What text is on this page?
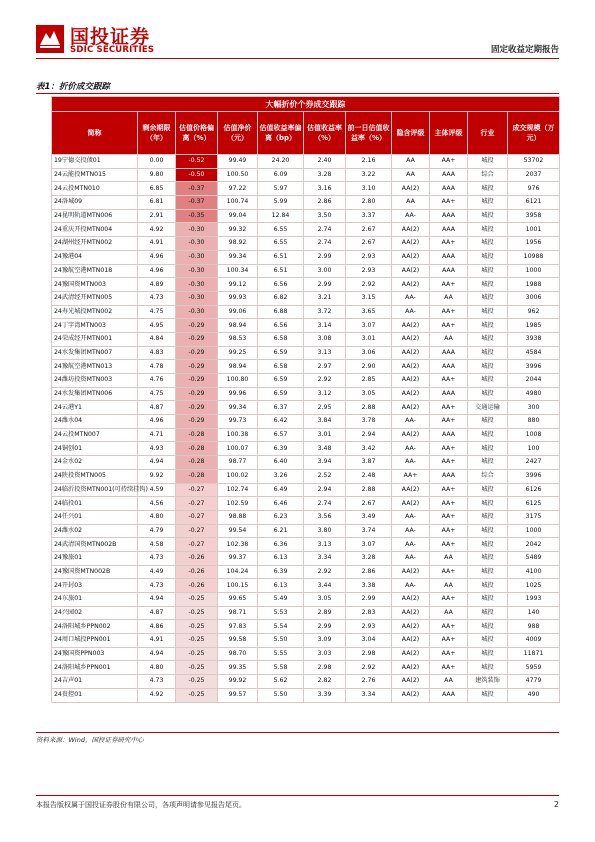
国投证券
SDIC SECURITIES	固定收益定期报告
表1：折价成交跟踪
大幅折价个券成交跟踪										
简称	剩余期限（年）	估值价格偏离（%）	估值净价（元）	估值收益率偏离（bp）	估值收益率（%）	前一日估值收益率（%）	隐含评级	主体评级	行业	成交规模（万元）
19宁德交投债01	0.00	-0.52	99.49	24.20	2.40	2.16	AA	AA+	城投	53702
24云能投MTN015	9.80	-0.50	100.50	6.09	3.28	3.22	AA	AAA	综合	2037
24云投MTN010	6.85	-0.37	97.22	5.97	3.16	3.10	AA(2)	AAA	城投	976
24洛城09	6.81	-0.37	100.74	5.99	2.86	2.80	AA	AA+	城投	6121
24昆明轨道MTN006	2.91	-0.35	99.04	12.84	3.50	3.37	AA-	AAA	城投	3958
24重庆开投MTN004	4.92	-0.30	99.32	6.55	2.74	2.67	AA(2)	AAA	城投	1001
24湖州经开MTN002	4.91	-0.30	98.92	6.55	2.74	2.67	AA(2)	AA+	城投	1956
24豫港04	4.96	-0.30	99.34	6.51	2.99	2.93	AA(2)	AAA	城投	10988
24豫航空港MTN018	4.96	-0.30	100.34	6.51	3.00	2.93	AA(2)	AAA	城投	1000
24豫国资MTN003	4.89	-0.30	99.12	6.56	2.99	2.92	AA(2)	AA+	城投	1988
24武清经开MTN005	4.73	-0.30	99.93	6.82	3.21	3.15	AA-	AA	城投	3006
24寿光城投MTN002	4.75	-0.30	99.06	6.88	3.72	3.65	AA-	AA+	城投	962
24丁字湾MTN003	4.95	-0.29	98.94	6.56	3.14	3.07	AA(2)	AA+	城投	1985
24荣成经开MTN001	4.84	-0.29	98.53	6.58	3.08	3.01	AA(2)	AA	城投	3938
24水发集团MTN007	4.83	-0.29	99.25	6.59	3.13	3.06	AA(2)	AAA	城投	4584
24豫航空港MTN013	4.78	-0.29	98.94	6.58	2.97	2.90	AA(2)	AAA	城投	3996
24潍坊投资MTN003	4.76	-0.29	100.80	6.59	2.92	2.85	AA(2)	AA+	城投	2044
24水发集团MTN006	4.75	-0.29	99.96	6.59	3.12	3.05	AA(2)	AAA	城投	4980
24云港Y1	4.87	-0.29	99.34	6.37	2.95	2.88	AA(2)	AA+	交通运输	300
24潍水04	4.96	-0.29	99.73	6.42	3.84	3.78	AA-	AA+	城投	880
24云投MTN007	4.71	-0.28	100.38	6.57	3.01	2.94	AA(2)	AAA	城投	1008
24铜创01	4.93	-0.28	100.07	6.39	3.48	3.42	AA-	AA+	城投	100
24金水02	4.94	-0.28	98.77	6.40	3.94	3.87	AA-	AA+	城投	2427
24陕投资MTN005	9.92	-0.28	100.02	3.26	2.52	2.48	AA+	AAA	综合	3996
24临沂投资MTN001(可持续挂钩)	4.59	-0.27	102.74	6.49	2.94	2.88	AA(2)	AA+	城投	6126
24临投01	4.56	-0.27	102.59	6.46	2.74	2.67	AA(2)	AA+	城投	6125
24任兴01	4.80	-0.27	98.88	6.23	3.56	3.49	AA-	AA+	城投	3175
24潍水02	4.79	-0.27	99.54	6.21	3.80	3.74	AA-	AA+	城投	1000
24武清国资MTN002B	4.58	-0.27	102.38	6.36	3.13	3.07	AA-	AA+	城投	2042
24豫旅01	4.73	-0.26	99.37	6.13	3.34	3.28	AA-	AA	城投	5489
24豫国资MTN002B	4.49	-0.26	104.24	6.39	2.92	2.86	AA(2)	AA+	城投	4100
24开封03	4.73	-0.26	100.15	6.13	3.44	3.38	AA-	AA	城投	1025
24东旅01	4.94	-0.25	99.65	5.49	3.05	2.99	AA(2)	AA+	城投	1993
24兴园02	4.87	-0.25	98.71	5.53	2.89	2.83	AA(2)	AA	城投	140
24洛阳城乡PPN002	4.86	-0.25	97.83	5.54	2.99	2.93	AA(2)	AA+	城投	988
24周口城投PPN001	4.91	-0.25	99.58	5.50	3.09	3.04	AA(2)	AA+	城投	4009
24豫国资PPN003	4.94	-0.25	98.70	5.55	3.03	2.98	AA(2)	AA+	城投	11871
24洛阳城乡PPN001	4.80	-0.25	99.35	5.58	2.98	2.92	AA(2)	AA+	城投	5959
24吉声01	4.73	-0.25	99.92	5.62	2.82	2.76	AA(2)	AA	建筑装饰	4779
24贵控01	4.92	-0.25	99.57	5.50	3.39	3.34	AA(2)	AAA	城投	490
资料来源：Wind，国投证券研究中心
本报告版权属于国投证券股份有限公司，各项声明请参见报告尾页。	2
